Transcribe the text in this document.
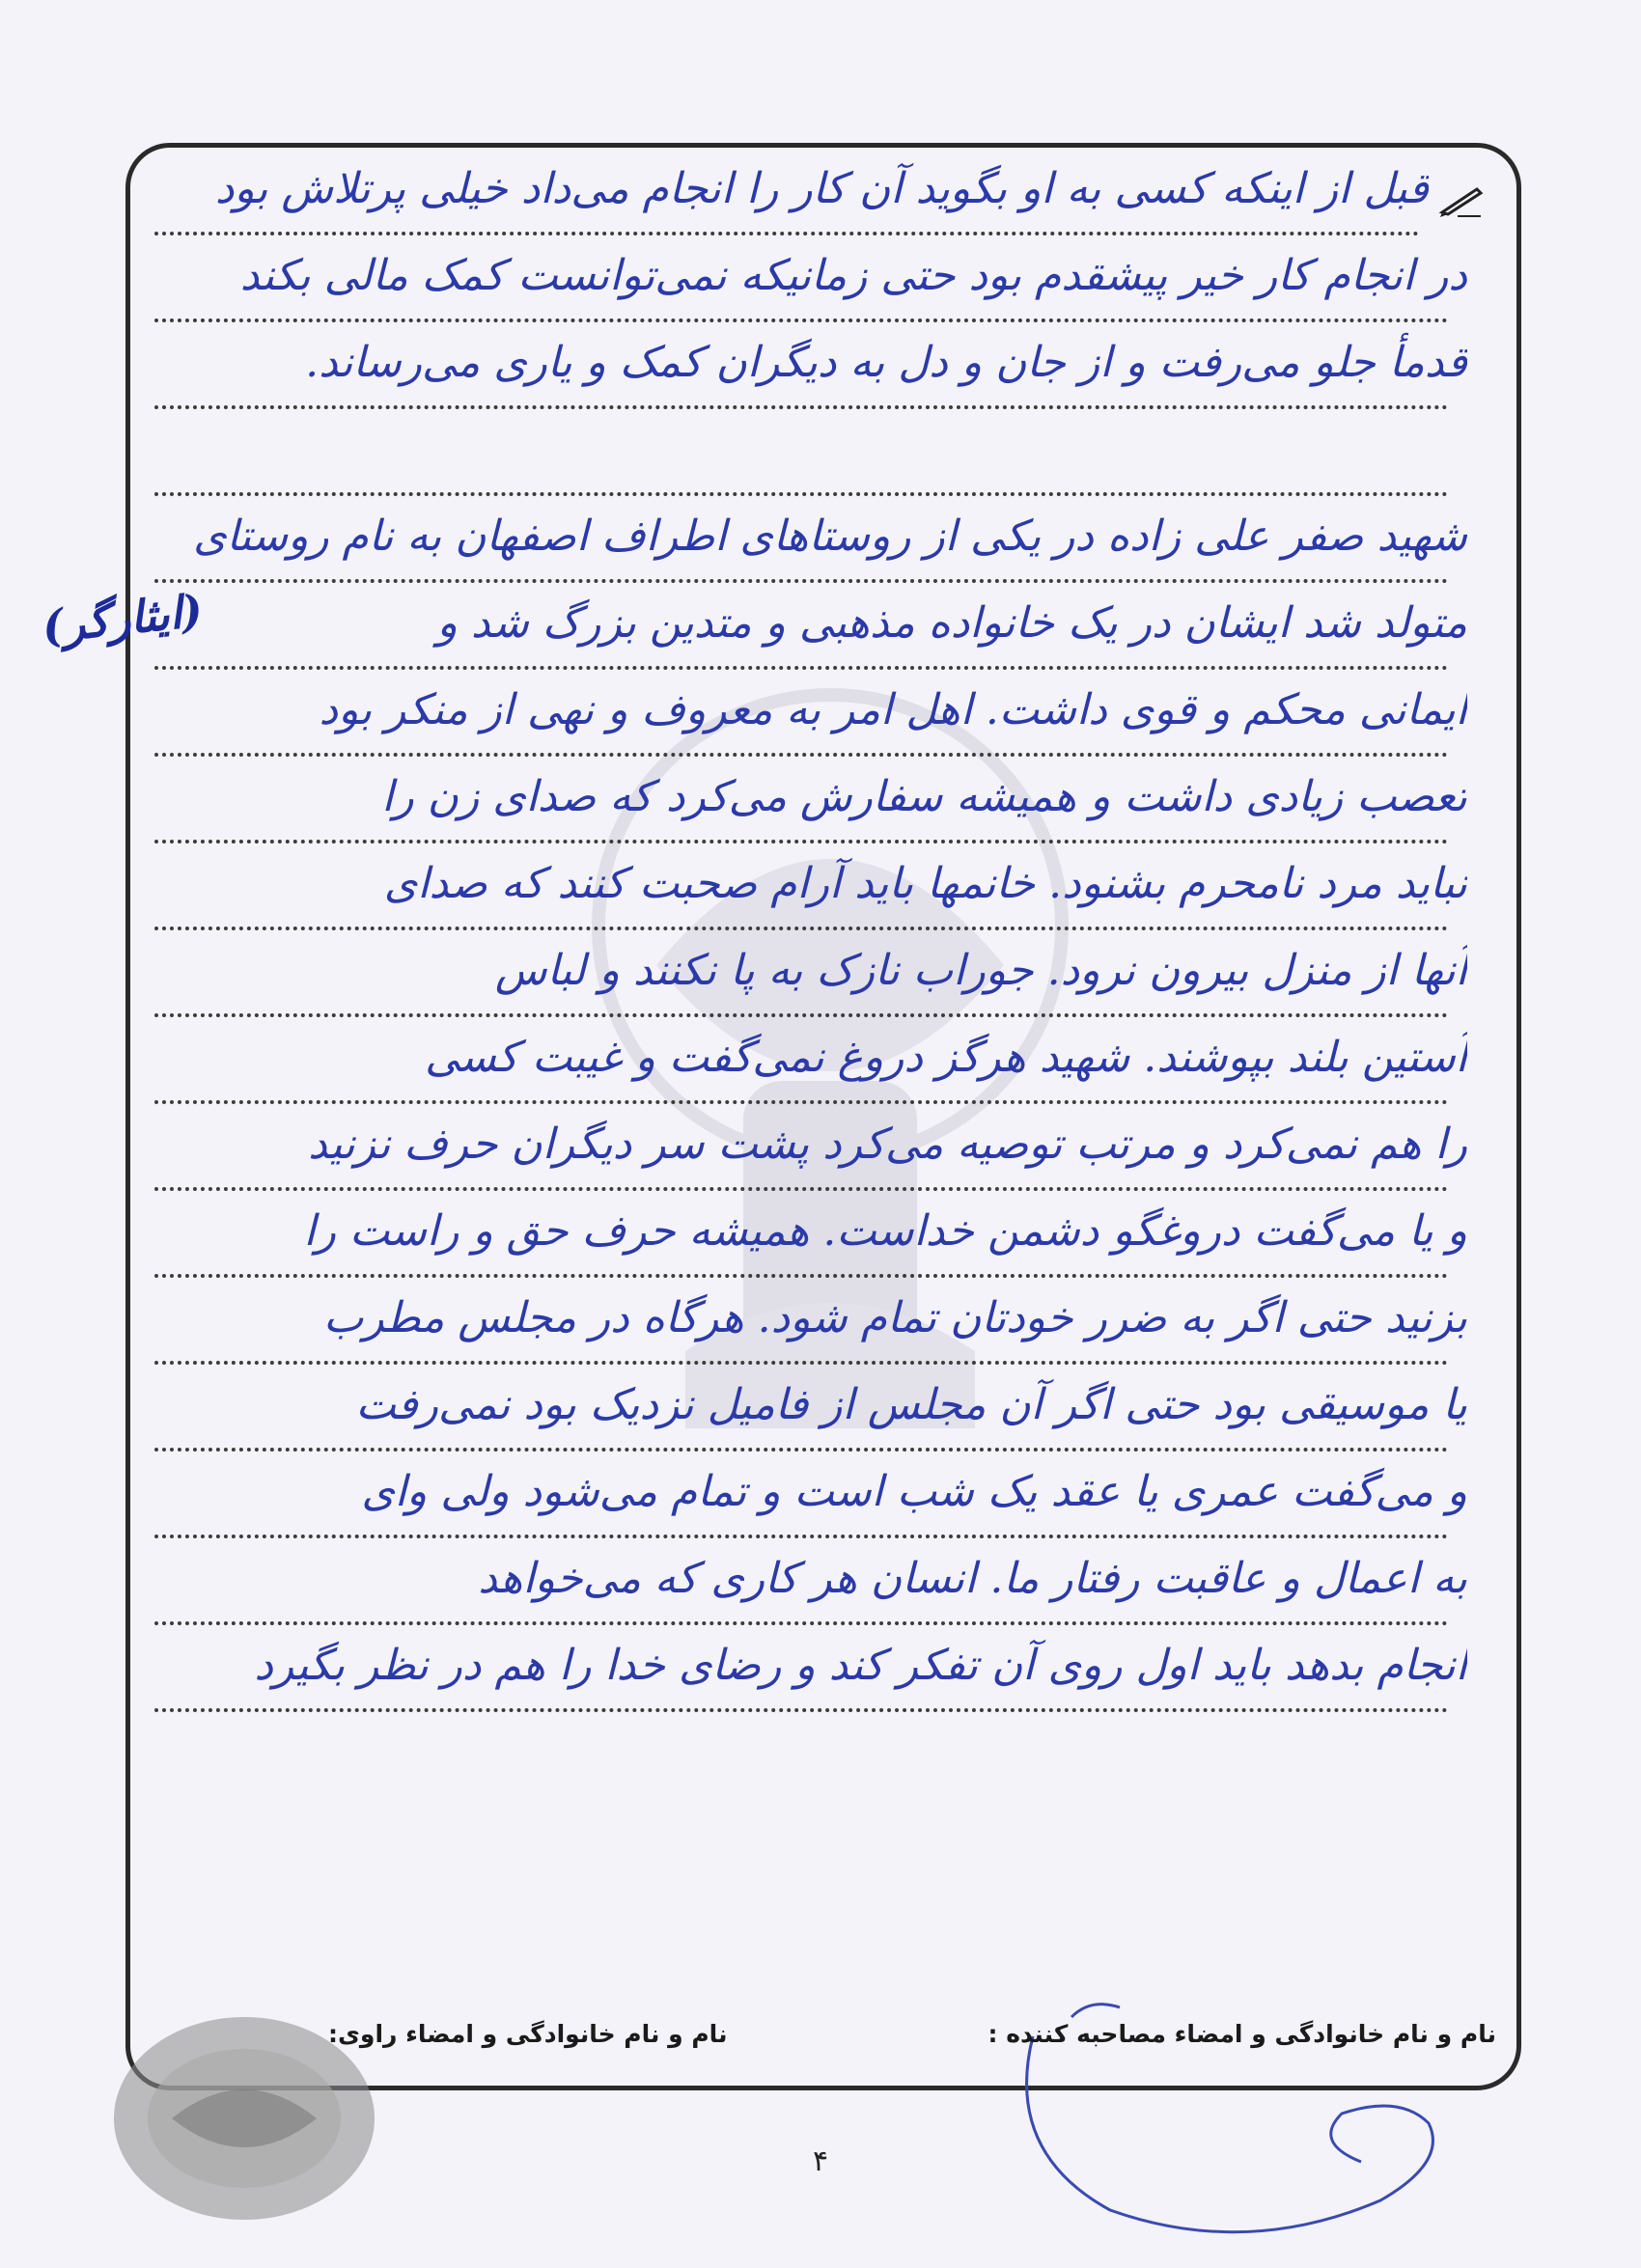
قبل از اینکه کسی به او بگوید آن کار را انجام می‌داد خیلی پرتلاش بود
در انجام کار خیر پیشقدم بود حتی زمانیکه نمی‌توانست کمک مالی بکند
قدمأ جلو می‌رفت و از جان و دل به دیگران کمک و یاری می‌رساند.
شهید صفر علی زاده در یکی از روستاهای اطراف اصفهان به نام روستای
متولد شد ایشان در یک خانواده مذهبی و متدین بزرگ شد و
ایمانی محکم و قوی داشت. اهل امر به معروف و نهی از منکر بود
تعصب زیادی داشت و همیشه سفارش می‌کرد که صدای زن را
نباید مرد نامحرم بشنود. خانمها باید آرام صحبت کنند که صدای
آنها از منزل بیرون نرود. جوراب نازک به پا نکنند و لباس
آستین بلند بپوشند. شهید هرگز دروغ نمی‌گفت و غیبت کسی
را هم نمی‌کرد و مرتب توصیه می‌کرد پشت سر دیگران حرف نزنید
و یا می‌گفت دروغگو دشمن خداست. همیشه حرف حق و راست را
بزنید حتی اگر به ضرر خودتان تمام شود. هرگاه در مجلس مطرب
یا موسیقی بود حتی اگر آن مجلس از فامیل نزدیک بود نمی‌رفت
و می‌گفت عمری یا عقد یک شب است و تمام می‌شود ولی وای
به اعمال و عاقبت رفتار ما. انسان هر کاری که می‌خواهد
انجام بدهد باید اول روی آن تفکر کند و رضای خدا را هم در نظر بگیرد
(ایثارگر)
نام و نام خانوادگی و امضاء مصاحبه کننده :
نام و نام خانوادگی و امضاء راوی:
۴
